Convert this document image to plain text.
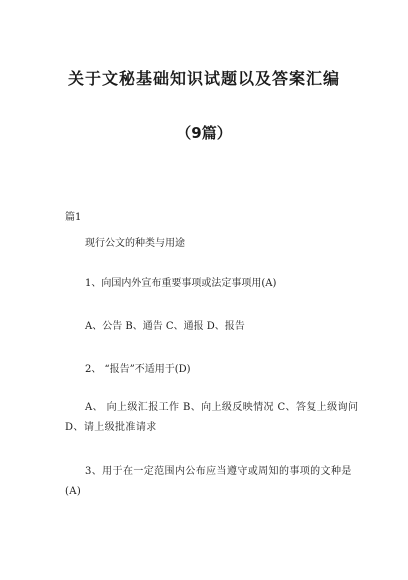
关于文秘基础知识试题以及答案汇编
（9篇）
篇1
现行公文的种类与用途
1、向国内外宣布重要事项或法定事项用(A)
A、公告 B、通告 C、通报 D、报告
2、 “报告”不适用于(D)
A、 向上级汇报工作 B、向上级反映情况 C、答复上级询问 D、请上级批准请求
3、用于在一定范围内公布应当遵守或周知的事项的文种是(A)
